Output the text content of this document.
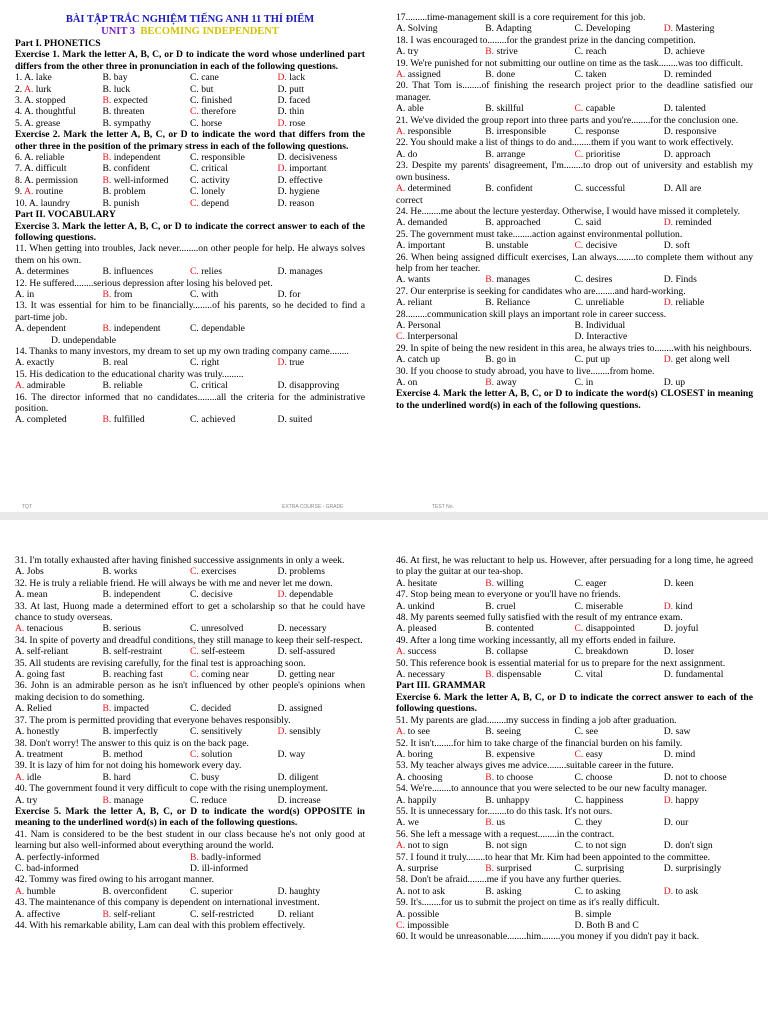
BÀI TẬP TRẮC NGHIỆM TIẾNG ANH 11 THÍ ĐIỂM
UNIT 3 BECOMING INDEPENDENT
Part I. PHONETICS
Exercise 1. Mark the letter A, B, C, or D to indicate the word whose underlined part differs from the other three in pronunciation in each of the following questions.
1. A. lake	B. bay	C. cane	D. lack
2. A. lurk	B. luck	C. but	D. putt
3. A. stopped	B. expected	C. finished	D. faced
4. A. thoughtful	B. threaten	C. therefore	D. thin
5. A. grease	B. sympathy	C. horse	D. rose
Exercise 2. Mark the letter A, B, C, or D to indicate the word that differs from the other three in the position of the primary stress in each of the following questions.
6. A. reliable	B. independent	C. responsible	D. decisiveness
7. A. difficult	B. confident	C. critical	D. important
8. A. permission	B. well-informed	C. activity	D. effective
9. A. routine	B. problem	C. lonely	D. hygiene
10. A. laundry	B. punish	C. depend	D. reason
Part II. VOCABULARY
Exercise 3. Mark the letter A, B, C, or D to indicate the correct answer to each of the following questions.
11. When getting into troubles, Jack never........on other people for help. He always solves them on his own.
A. determines	B. influences	C. relies	D. manages
12. He suffered........serious depression after losing his beloved pet.
A. in	B. from	C. with	D. for
13. It was essential for him to be financially........of his parents, so he decided to find a part-time job.
A. dependent	B. independent	C. dependable
D. undependable
14. Thanks to many investors, my dream to set up my own trading company came........
A. exactly	B. real	C. right	D. true
15. His dedication to the educational charity was truly.........
A. admirable	B. reliable	C. critical	D. disapproving
16. The director informed that no candidates........all the criteria for the administrative position.
A. completed	B. fulfilled	C. achieved	D. suited
17.........time-management skill is a core requirement for this job.
A. Solving	B. Adapting	C. Developing	D. Mastering
18. I was encouraged to........for the grandest prize in the dancing competition.
A. try	B. strive	C. reach	D. achieve
19. We're punished for not submitting our outline on time as the task........was too difficult.
A. assigned	B. done	C. taken	D. reminded
20. That Tom is........of finishing the research project prior to the deadline satisfied our manager.
A. able	B. skillful	C. capable	D. talented
21. We've divided the group report into three parts and you're........for the conclusion one.
A. responsible	B. irresponsible	C. response	D. responsive
22. You should make a list of things to do and........them if you want to work effectively.
A. do	B. arrange	C. prioritise	D. approach
23. Despite my parents' disagreement, I'm........to drop out of university and establish my own business.
A. determined	B. confident	C. successful	D. All are
correct
24. He........me about the lecture yesterday. Otherwise, I would have missed it completely.
A. demanded	B. approached	C. said	D. reminded
25. The government must take........action against environmental pollution.
A. important	B. unstable	C. decisive	D. soft
26. When being assigned difficult exercises, Lan always........to complete them without any help from her teacher.
A. wants	B. manages	C. desires	D. Finds
27. Our enterprise is seeking for candidates who are........and hard-working.
A. reliant	B. Reliance	C. unreliable	D. reliable
28.........communication skill plays an important role in career success.
A. Personal	B. Individual
C. Interpersonal	D. Interactive
29. In spite of being the new resident in this area, he always tries to........with his neighbours.
A. catch up	B. go in	C. put up	D. get along well
30. If you choose to study abroad, you have to live........from home.
A. on	B. away	C. in	D. up
Exercise 4. Mark the letter A, B, C, or D to indicate the word(s) CLOSEST in meaning to the underlined word(s) in each of the following questions.
TQT	EXTRA COURSE - GRADE	TEST No.
31. I'm totally exhausted after having finished successive assignments in only a week.
A. Jobs	B. works	C. exercises	D. problems
32. He is truly a reliable friend. He will always be with me and never let me down.
A. mean	B. independent	C. decisive	D. dependable
33. At last, Huong made a determined effort to get a scholarship so that he could have chance to study overseas.
A. tenacious	B. serious	C. unresolved	D. necessary
34. In spite of poverty and dreadful conditions, they still manage to keep their self-respect.
A. self-reliant	B. self-restraint	C. self-esteem	D. self-assured
35. All students are revising carefully, for the final test is approaching soon.
A. going fast	B. reaching fast	C. coming near	D. getting near
36. John is an admirable person as he isn't influenced by other people's opinions when making decision to do something.
A. Relied	B. impacted	C. decided	D. assigned
37. The prom is permitted providing that everyone behaves responsibly.
A. honestly	B. imperfectly	C. sensitively	D. sensibly
38. Don't worry! The answer to this quiz is on the back page.
A. treatment	B. method	C. solution	D. way
39. It is lazy of him for not doing his homework every day.
A. idle	B. hard	C. busy	D. diligent
40. The government found it very difficult to cope with the rising unemployment.
A. try	B. manage	C. reduce	D. increase
Exercise 5. Mark the letter A, B, C, or D to indicate the word(s) OPPOSITE in meaning to the underlined word(s) in each of the following questions.
41. Nam is considered to be the best student in our class because he's not only good at learning but also well-informed about everything around the world.
A. perfectly-informed	B. badly-informed
C. bad-informed	D. ill-informed
42. Tommy was fired owing to his arrogant manner.
A. humble	B. overconfident	C. superior	D. haughty
43. The maintenance of this company is dependent on international investment.
A. affective	B. self-reliant	C. self-restricted	D. reliant
44. With his remarkable ability, Lam can deal with this problem effectively.
46. At first, he was reluctant to help us. However, after persuading for a long time, he agreed to play the guitar at our tea-shop.
A. hesitate	B. willing	C. eager	D. keen
47. Stop being mean to everyone or you'll have no friends.
A. unkind	B. cruel	C. miserable	D. kind
48. My parents seemed fully satisfied with the result of my entrance exam.
A. pleased	B. contented	C. disappointed	D. joyful
49. After a long time working incessantly, all my efforts ended in failure.
A. success	B. collapse	C. breakdown	D. loser
50. This reference book is essential material for us to prepare for the next assignment.
A. necessary	B. dispensable	C. vital	D. fundamental
Part III. GRAMMAR
Exercise 6. Mark the letter A, B, C, or D to indicate the correct answer to each of the following questions.
51. My parents are glad........my success in finding a job after graduation.
A. to see	B. seeing	C. see	D. saw
52. It isn't........for him to take charge of the financial burden on his family.
A. boring	B. expensive	C. easy	D. mind
53. My teacher always gives me advice........suitable career in the future.
A. choosing	B. to choose	C. choose	D. not to choose
54. We're........to announce that you were selected to be our new faculty manager.
A. happily	B. unhappy	C. happiness	D. happy
55. It is unnecessary for........to do this task. It's not ours.
A. we	B. us	C. they	D. our
56. She left a message with a request........in the contract.
A. not to sign	B. not sign	C. to not sign	D. don't sign
57. I found it truly........to hear that Mr. Kim had been appointed to the committee.
A. surprise	B. surprised	C. surprising	D. surprisingly
58. Don't be afraid........me if you have any further queries.
A. not to ask	B. asking	C. to asking	D. to ask
59. It's........for us to submit the project on time as it's really difficult.
A. possible	B. simple
C. impossible	D. Both B and C
60. It would be unreasonable........him........you money if you didn't pay it back.
